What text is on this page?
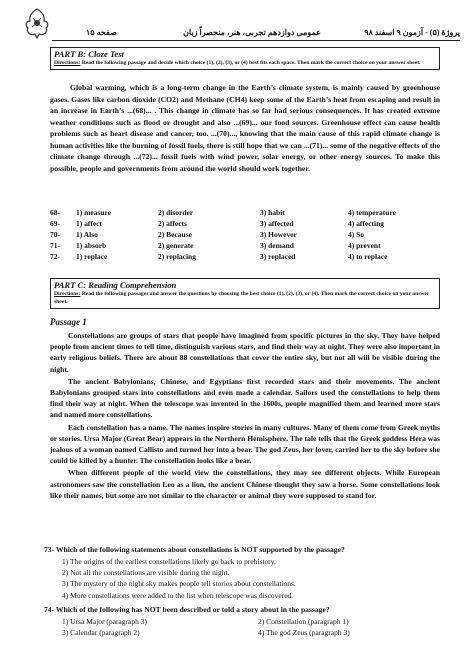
صفحه ۱۵	عمومی دوازدهم تجربی، هنر، منحصراً زبان	پروژهٔ (۵) - آزمون ۹ اسفند ۹۸
PART B: Cloze Test
Directions: Read the following passage and decide which choice (1), (2), (3), or (4) best fits each space. Then mark the correct choice on your answer sheet.

Global warming, which is a long-term change in the Earth’s climate system, is mainly caused by greenhouse gases. Gases like carbon dioxide (CO2) and Methane (CH4) keep some of the Earth’s heat from escaping and result in an increase in Earth’s ...(68)... . This change in climate has so far had serious consequences. It has created extreme weather conditions such as flood or drought and also ...(69)... our food sources. Greenhouse effect can cause health problems such as heart disease and cancer, too. ...(70)..., knowing that the main cause of this rapid climate change is human activities like the burning of fossil fuels, there is still hope that we can ...(71)... some of the negative effects of the climate change through ...(72)... fossil fuels with wind power, solar energy, or other energy sources. To make this possible, people and governments from around the world should work together.

68- 1) measure	2) disorder	3) habit	4) temperature
69- 1) affect	2) affects	3) affected	4) affecting
70- 1) Also	2) Because	3) However	4) So
71- 1) absorb	2) generate	3) demand	4) prevent
72- 1) replace	2) replacing	3) replaced	4) to replace
PART C: Reading Comprehension
Directions: Read the following passages and answer the questions by choosing the best choice (1), (2), (3), or (4). Then mark the correct choice on your answer sheet.
Passage 1

Constellations are groups of stars that people have imagined from specific pictures in the sky. They have helped people from ancient times to tell time, distinguish various stars, and find their way at night. They were also important in early religious beliefs. There are about 88 constellations that cover the entire sky, but not all will be visible during the night.

The ancient Babylonians, Chinese, and Egyptians first recorded stars and their movements. The ancient Babylonians grouped stars into constellations and even made a calendar. Sailors used the constellations to help them find their way at night. When the telescope was invented in the 1600s, people magnified them and learned more stars and named more constellations.

Each constellation has a name. The names inspire stories in many cultures. Many of them come from Greek myths or stories. Ursa Major (Great Bear) appears in the Northern Hemisphere. The tale tells that the Greek goddess Hera was jealous of a woman named Callisto and turned her into a bear. The god Zeus, her lover, carried her to the sky before she could be killed by a hunter. The constellation looks like a bear.

When different people of the world view the constellations, they may see different objects. While European astronomers saw the constellation Leo as a lion, the ancient Chinese thought they saw a horse. Some constellations look like their names, but some are not similar to the character or animal they were supposed to stand for.

73- Which of the following statements about constellations is NOT supported by the passage?
1) The origins of the earliest constellations likely go back to prehistory.
2) Not all the constellations are visible during the night.
3) The mystery of the night sky makes people tell stories about constellations.
4) More constellations were added to the list when telescope was discovered.
74- Which of the following has NOT been described or told a story about in the passage?
1) Ursa Major (paragraph 3)	2) Constellation (paragraph 1)
3) Calendar (paragraph 2)	4) The god Zeus (paragraph 3)
